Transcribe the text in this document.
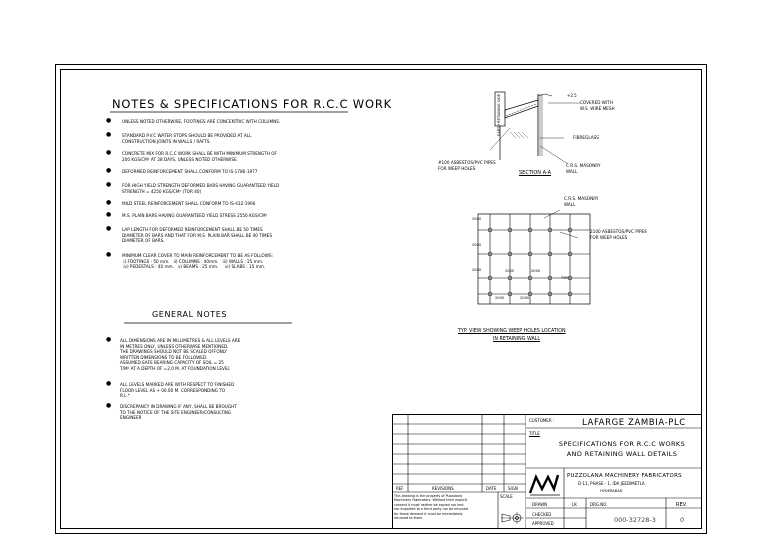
NOTES & SPECIFICATIONS FOR R.C.C WORK
●	UNLESS NOTED OTHERWISE, FOOTINGS ARE CONCENTRIC WITH COLUMNS.
●	STANDARD P.V.C WATER STOPS SHOULD BE PROVIDED AT ALL
CONSTRUCTION JOINTS IN WALLS / RAFTS.
●	CONCRETE MIX FOR R.C.C WORK SHALL BE WITH MINIMUM STRENGTH OF
200 KGS/CM² AT 28 DAYS, UNLESS NOTED OTHERWISE.
●	DEFORMED REINFORCEMENT SHALL CONFORM TO IS-1786-1977
●	FOR HIGH YIELD STRENGTH DEFORMED BARS HAVING GUARANTEED YIELD
STRENGTH = 4250 KGS/CM² (TOR 40)
●	MILD STEEL REINFORCEMENT SHALL CONFORM TO IS-432-1966
●	M.S. PLAIN BARS HAVING GUARANTEED YIELD STRESS 2550 KGS/CM²
●	LAP LENGTH FOR DEFORMED REINFORCEMENT SHALL BE 50 TIMES
DIAMETER OF BARS AND THAT FOR M.S. PLAIN BAR SHALL BE 40 TIMES
DIAMETER OF BARS.
●	MINIMUM CLEAR COVER TO MAIN REINFORCEMENT TO BE AS FOLLOWS:
i) FOOTINGS : 50 mm.   ii) COLUMNS : 40mm.   iii) WALLS : 25 mm.
iv) PEDESTALS : 40 mm.   v) BEAMS : 25 mm.     vi) SLABS : 15 mm.
GENERAL NOTES
● ALL DIMENSIONS ARE IN MILLIMETRES & ALL LEVELS ARE
IN METRES ONLY, UNLESS OTHERWISE MENTIONED.
THE DRAWINGS SHOULD NOT BE SCALED OFFONLY
WRITTEN DIMENSIONS TO BE FOLLOWED.
ASSUMED SAFE BEARING CAPACITY OF SOIL = 25
T/M² AT A DEPTH OF =2.0 M. AT FOUNDATION LEVEL
● ALL LEVELS MARKED ARE WITH RESPECT TO FINISHED
FLOOR LEVEL AS + 00.00 M. CORRESPONDING TO
R.L *
● DISCREPANCY IN DRAWING IF ANY, SHALL BE BROUGHT
TO THE NOTICE OF THE SITE ENGINEER/CONSULTING
ENGINEER
EARTH RETAINING SIDE	+2.5
COVERED WITH
W.S. WIRE MESH
FIBREGLASS
#100 ASBESTOS/PVC PIPES
FOR WEEP HOLES
C.R.S. MASONRY
WALL
SECTION A-A
C.R.S. MASONRY
WALL
2100 ASBESTOS/PVC PIPES
FOR WEEP HOLES
2000
2000
2000	2000	2000
2000	2000
TYP.
TYP. VIEW SHOWING WEEP HOLES LOCATION
IN RETAINING WALL
REF	REVISIONS	DATE	SIGN
This drawing is the property of Puzzolana
Machinery Fabricators. Without their explicit
consent it must neither be copied nor lent
nor imparted to a third party nor be misused
for those demand it must be immediately
returned to them.
SCALE
CUSTOMER :	LAFARGE ZAMBIA-PLC
TITLE
SPECIFICATIONS FOR R.C.C WORKS
AND RETAINING WALL DETAILS
PUZZOLANA MACHINERY FABRICATORS
D-11, PHASE - 1, IDA JEEDIMETLA
HYDERABAD
DRAWN	LK	DRG.NO.	REV.
CHECKED
APPROVED	000-32728-3	0
